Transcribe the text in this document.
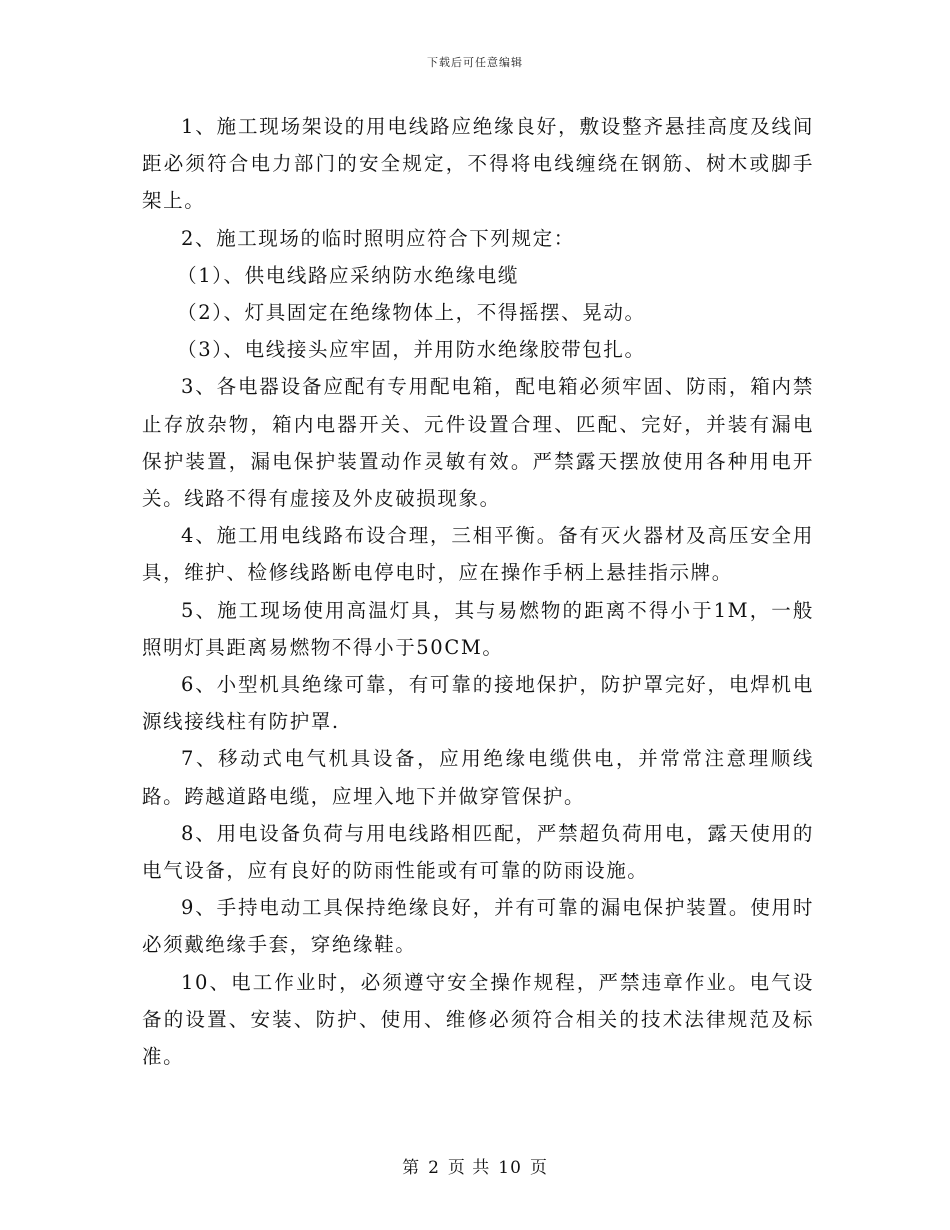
下载后可任意编辑

1、施工现场架设的用电线路应绝缘良好，敷设整齐悬挂高度及线间距必须符合电力部门的安全规定，不得将电线缠绕在钢筋、树木或脚手架上。

2、施工现场的临时照明应符合下列规定：

（1）、供电线路应采纳防水绝缘电缆

（2）、灯具固定在绝缘物体上，不得摇摆、晃动。

（3）、电线接头应牢固，并用防水绝缘胶带包扎。

3、各电器设备应配有专用配电箱，配电箱必须牢固、防雨，箱内禁止存放杂物，箱内电器开关、元件设置合理、匹配、完好，并装有漏电保护装置，漏电保护装置动作灵敏有效。严禁露天摆放使用各种用电开关。线路不得有虚接及外皮破损现象。

4、施工用电线路布设合理，三相平衡。备有灭火器材及高压安全用具，维护、检修线路断电停电时，应在操作手柄上悬挂指示牌。

5、施工现场使用高温灯具，其与易燃物的距离不得小于1M，一般照明灯具距离易燃物不得小于50CM。

6、小型机具绝缘可靠，有可靠的接地保护，防护罩完好，电焊机电源线接线柱有防护罩.

7、移动式电气机具设备，应用绝缘电缆供电，并常常注意理顺线路。跨越道路电缆，应埋入地下并做穿管保护。

8、用电设备负荷与用电线路相匹配，严禁超负荷用电，露天使用的电气设备，应有良好的防雨性能或有可靠的防雨设施。

9、手持电动工具保持绝缘良好，并有可靠的漏电保护装置。使用时必须戴绝缘手套，穿绝缘鞋。

10、电工作业时，必须遵守安全操作规程，严禁违章作业。电气设备的设置、安装、防护、使用、维修必须符合相关的技术法律规范及标准。

第 2 页 共 10 页
